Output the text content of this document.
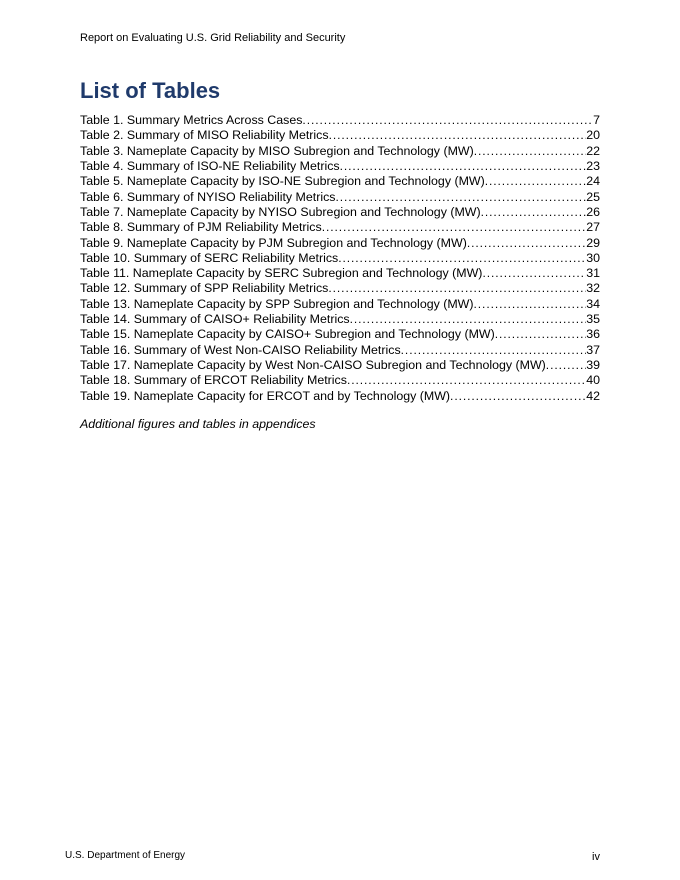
Report on Evaluating U.S. Grid Reliability and Security
List of Tables
Table 1. Summary Metrics Across Cases . . .	7
Table 2. Summary of MISO Reliability Metrics . . .	20
Table 3. Nameplate Capacity by MISO Subregion and Technology (MW) . . .	22
Table 4. Summary of ISO-NE Reliability Metrics . . .	23
Table 5. Nameplate Capacity by ISO-NE Subregion and Technology (MW) . . .	24
Table 6. Summary of NYISO Reliability Metrics . . .	25
Table 7. Nameplate Capacity by NYISO Subregion and Technology (MW) . . .	26
Table 8. Summary of PJM Reliability Metrics . . .	27
Table 9. Nameplate Capacity by PJM Subregion and Technology (MW) . . .	29
Table 10. Summary of SERC Reliability Metrics . . .	30
Table 11. Nameplate Capacity by SERC Subregion and Technology (MW) . . .	31
Table 12. Summary of SPP Reliability Metrics . . .	32
Table 13. Nameplate Capacity by SPP Subregion and Technology (MW) . . .	34
Table 14. Summary of CAISO+ Reliability Metrics . . .	35
Table 15. Nameplate Capacity by CAISO+ Subregion and Technology (MW) . . .	36
Table 16. Summary of West Non-CAISO Reliability Metrics . . .	37
Table 17. Nameplate Capacity by West Non-CAISO Subregion and Technology (MW) . . .	39
Table 18. Summary of ERCOT Reliability Metrics . . .	40
Table 19. Nameplate Capacity for ERCOT and by Technology (MW) . . .	42
Additional figures and tables in appendices
U.S. Department of Energy	iv
